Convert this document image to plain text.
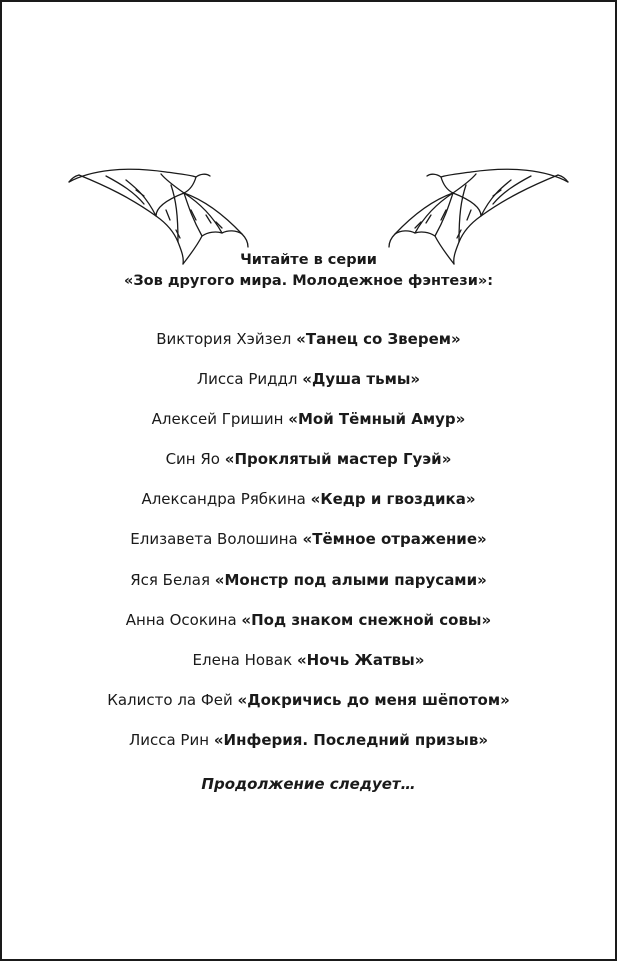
Читайте в серии
«Зов другого мира. Молодежное фэнтези»:
Виктория Хэйзел «Танец со Зверем»
Лисса Риддл «Душа тьмы»
Алексей Гришин «Мой Тёмный Амур»
Син Яо «Проклятый мастер Гуэй»
Александра Рябкина «Кедр и гвоздика»
Елизавета Волошина «Тёмное отражение»
Яся Белая «Монстр под алыми парусами»
Анна Осокина «Под знаком снежной совы»
Елена Новак «Ночь Жатвы»
Калисто ла Фей «Докричись до меня шёпотом»
Лисса Рин «Инферия. Последний призыв»
Продолжение следует…
